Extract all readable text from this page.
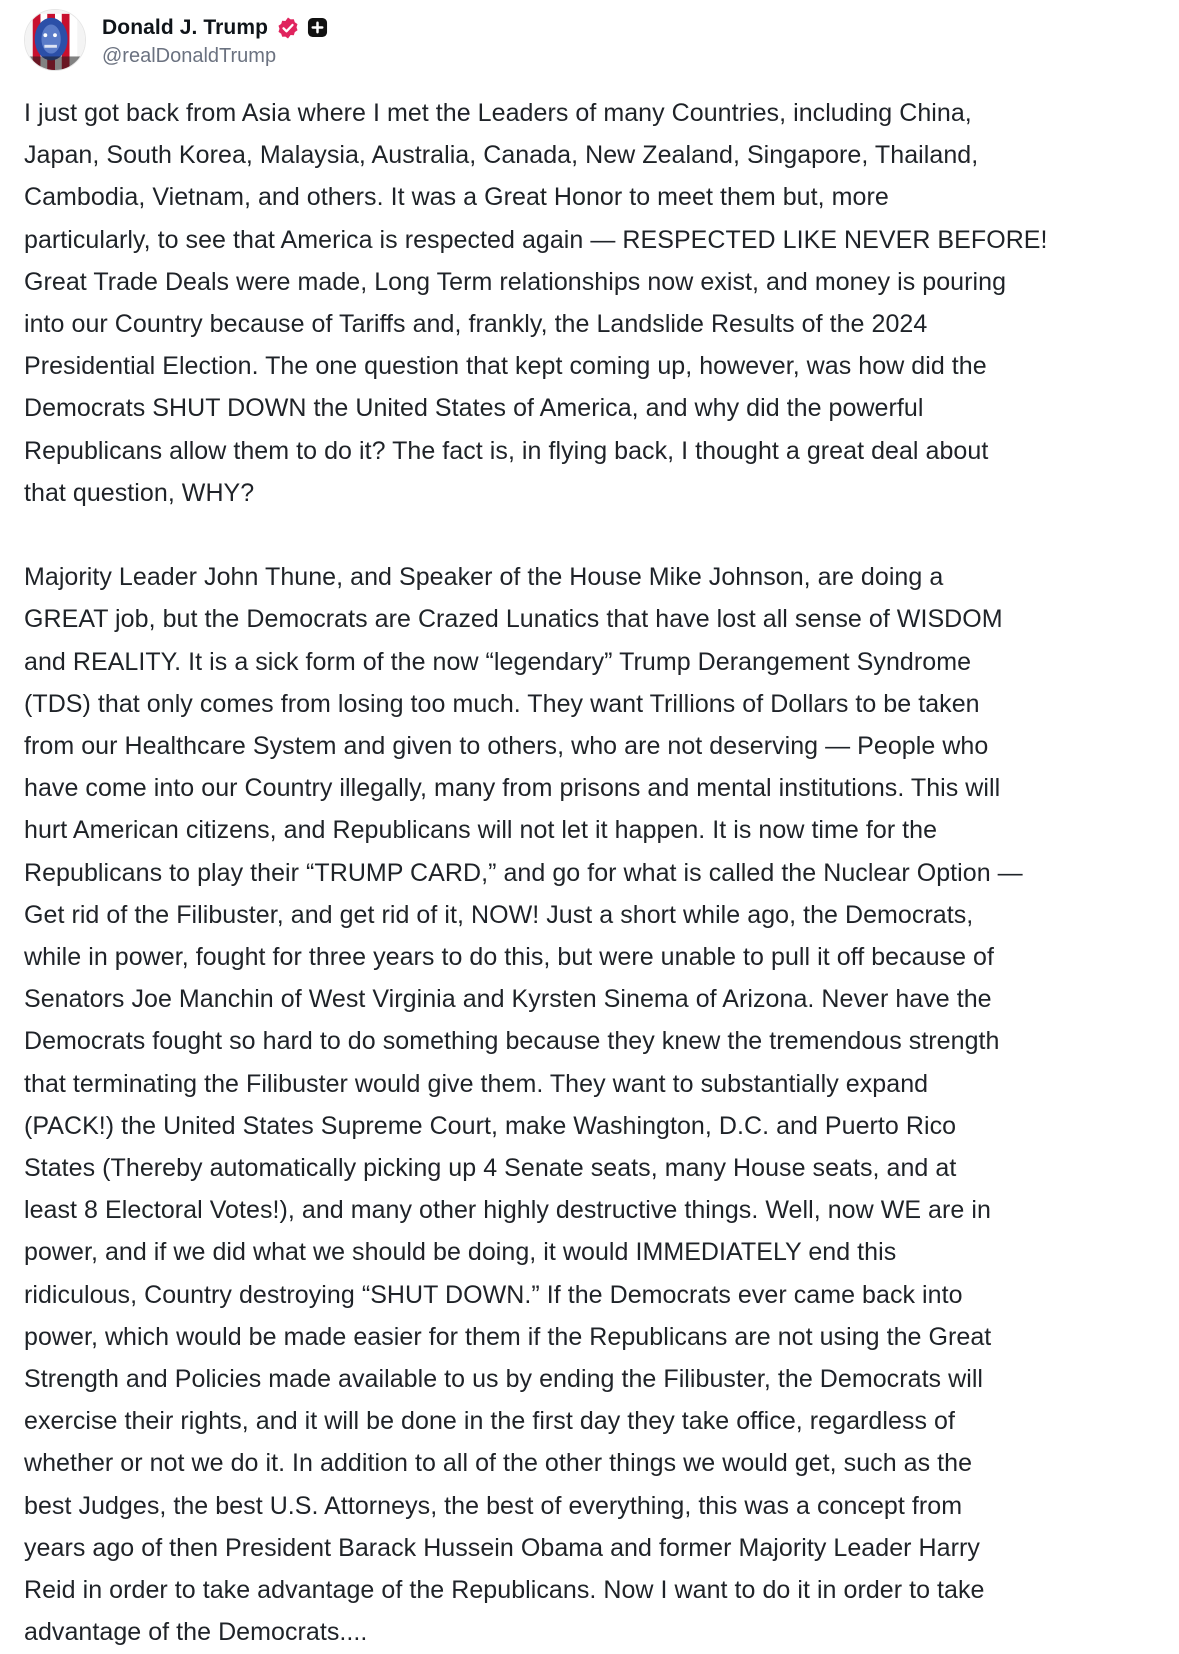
Donald J. Trump
@realDonaldTrump

I just got back from Asia where I met the Leaders of many Countries, including China,
Japan, South Korea, Malaysia, Australia, Canada, New Zealand, Singapore, Thailand,
Cambodia, Vietnam, and others. It was a Great Honor to meet them but, more
particularly, to see that America is respected again — RESPECTED LIKE NEVER BEFORE!
Great Trade Deals were made, Long Term relationships now exist, and money is pouring
into our Country because of Tariffs and, frankly, the Landslide Results of the 2024
Presidential Election. The one question that kept coming up, however, was how did the
Democrats SHUT DOWN the United States of America, and why did the powerful
Republicans allow them to do it? The fact is, in flying back, I thought a great deal about
that question, WHY?

Majority Leader John Thune, and Speaker of the House Mike Johnson, are doing a
GREAT job, but the Democrats are Crazed Lunatics that have lost all sense of WISDOM
and REALITY. It is a sick form of the now “legendary” Trump Derangement Syndrome
(TDS) that only comes from losing too much. They want Trillions of Dollars to be taken
from our Healthcare System and given to others, who are not deserving — People who
have come into our Country illegally, many from prisons and mental institutions. This will
hurt American citizens, and Republicans will not let it happen. It is now time for the
Republicans to play their “TRUMP CARD,” and go for what is called the Nuclear Option —
Get rid of the Filibuster, and get rid of it, NOW! Just a short while ago, the Democrats,
while in power, fought for three years to do this, but were unable to pull it off because of
Senators Joe Manchin of West Virginia and Kyrsten Sinema of Arizona. Never have the
Democrats fought so hard to do something because they knew the tremendous strength
that terminating the Filibuster would give them. They want to substantially expand
(PACK!) the United States Supreme Court, make Washington, D.C. and Puerto Rico
States (Thereby automatically picking up 4 Senate seats, many House seats, and at
least 8 Electoral Votes!), and many other highly destructive things. Well, now WE are in
power, and if we did what we should be doing, it would IMMEDIATELY end this
ridiculous, Country destroying “SHUT DOWN.” If the Democrats ever came back into
power, which would be made easier for them if the Republicans are not using the Great
Strength and Policies made available to us by ending the Filibuster, the Democrats will
exercise their rights, and it will be done in the first day they take office, regardless of
whether or not we do it. In addition to all of the other things we would get, such as the
best Judges, the best U.S. Attorneys, the best of everything, this was a concept from
years ago of then President Barack Hussein Obama and former Majority Leader Harry
Reid in order to take advantage of the Republicans. Now I want to do it in order to take
advantage of the Democrats....
